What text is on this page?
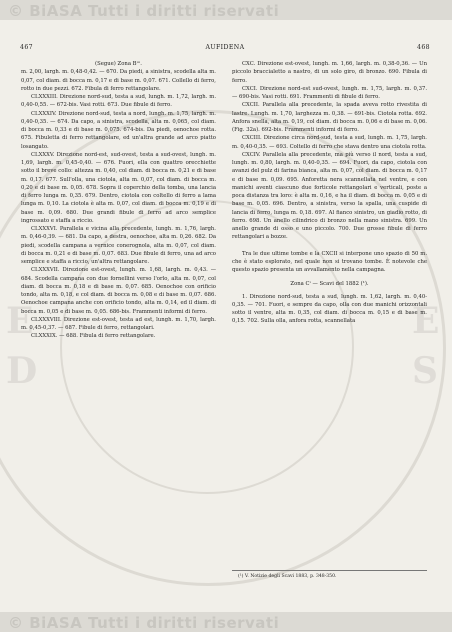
© BiASA Tutti i diritti riservati
E
D
E
S
467	AUFIDENA	468

(Segue) Zona Bᶦᶦᶦ.

m. 2,00, largh. m. 0,48-0,42. — 670. Da piedi, a sinistra, scodella alta m. 0,07, col diam. di bocca m. 0,17 e di base m. 0,07. 671. Collello di ferro, rotto in due pezzi. 672. Fibula di ferro rettangolare.

CLXXXIII. Direzione nord-sud, testa a sud, lungh. m. 1,72, largh. m. 0,40-0,55. — 672-bis. Vasi rotti. 673. Due fibule di ferro.

CLXXXIV. Direzione nord-sud, testa a nord, lungh. m. 1,75, largh. m. 0,40-0,35. — 674. Da capo, a sinistra, scodella, alta m. 0,065, col diam. di bocca m. 0,33 e di base m. 0,075. 674-bis. Da piedi, oenochoe rotta. 675. Fibuletta di ferro rettangolare, ed un'altra grande ad arco piatto losangato.

CLXXXV. Direzione nord-est, sud-ovest, testa a sud-ovest, lungh. m. 1,69, largh. m. 0,45-0,40. — 676. Fuori, ella con quattro orecchiette sotto il breve collo: altezza m. 0,40, col diam. di bocca m. 0,21 e di base m. 0,17. 677. Sull'olla, una ciotola, alta m. 0,07, col diam. di bocca m. 0,20 e di base m. 0,05. 678. Sopra il coperchio della tomba, una lancia di ferro lunga m. 0,35. 679. Dentro, ciotola con coltello di ferro a lama lunga m. 0,10. La ciotola è alta m. 0,07, col diam. di bocca m. 0,19 e di base m. 0,09. 680. Due grandi fibule di ferro ad arco semplice ingrossato e staffa a riccio.

CLXXXVI. Parallela e vicina alla precedente, lungh. m. 1,76, largh. m. 0,46-0,39. — 681. Da capo, a destra, oenochoe, alta m. 0,26. 682. Da piedi, scodella campana a vernice conerognola, alta m. 0,07, col diam. di bocca m. 0,21 e di base m. 0,07. 683. Due fibule di ferro, una ad arco semplice e staffa a riccio, un'altra rettangolare.

CLXXXVII. Direzione est-ovest, lungh. m. 1,68, largh. m. 0,43. — 684. Scodella campana con due fornellini verso l'orlo, alta m. 0,07, col diam. di bocca m. 0,18 e di base m. 0,07. 685. Oenochoe con orificio tondo, alta m. 0,18, e col diam. di bocca m. 0,08 e di base m. 0,07. 686. Oenochoe campana anche con orificio tondo, alta m. 0,14, ed il diam. di bocca m. 0,05 e di base m. 0,05. 686-bis. Frammenti informi di ferro.

CLXXXVIII. Direzione est-ovest, testa ad est, lungh. m. 1,70, largh. m. 0,45-0,37. — 687. Fibule di ferro, rettangolari.

CLXXXIX. — 688. Fibula di ferro rettangolare.

CXC. Direzione est-ovest, lungh. m. 1,66, largh. m. 0,38-0,36. — Un piccolo braccialetto a nastro, di un solo giro, di bronzo. 690. Fibula di ferro.

CXCI. Direzione nord-est sud-ovest, lungh. m. 1,75, largh. m. 0,37. — 690-bis. Vasi rotti. 691. Frammenti di fibule di ferro.

CXCII. Parallela alla precedente, la spada aveva rotto rivestita di lastre. Lungh. m. 1,70, larghezza m. 0,38. — 691-bis. Ciotola rotta. 692. Anfora snella, alta m. 0,19, col diam. di bocca m. 0,06 e di base m. 0,06. (Fig. 32a). 692-bis. Frammenti informi di ferro.

CXCIII. Direzione circa nord-sud, testa a sud, lungh. m. 1,75, largh. m. 0,40-0,35. — 693. Coltello di ferro che stava dentro una ciotola rotta.

CXCIV. Parallela alla precedente, ma più verso il nord, testa a sud, lungh. m. 0,80, largh. m. 0,40-0,35. — 694. Fuori, da capo, ciotola con avanzi del pulz di farina bianca, alta m. 0,07, col diam. di bocca m. 0,17 e di base m. 0,09. 695. Anforetta nera scannellata nel ventre, e con manichi aventi ciascuno due forticole rettangolari e verticali, poste a poca distanza tra loro: è alta m. 0,16, e ha il diam. di bocca m. 0,05 e di base m. 0,05. 696. Dentro, a sinistra, verso la spalla, una cuspide di lancia di ferro, lunga m. 0,18. 697. Al fianco sinistro, un giadio rotto, di ferro. 698. Un anello cilindrico di bronzo nella mano sinistra. 699. Un anello grande di osso e uno piccolo. 700. Due grosse fibule di ferro rettangolari a bozze.

Tra le due ultime tombe e la CXCII si interpone uno spazio di 50 m. che è stato esplorato, nel quale non si trovano tombe. È notevole che questo spazio presenta un avvallamento nella campagna.

Zona Cᶦ — Scavi del 1882 (¹).

1. Direzione nord-sud, testa a sud, lungh. m. 1,62, largh. m. 0,40-0,35. — 701. Fuori, e sempre da capo, olla con due manichi orizzontali sotto il ventre, alta m. 0,35, col diam. di bocca m. 0,15 e di base m. 0,15. 702. Sulla olla, anfora rotta, scannellata

(¹) V. Notizie degli Scavi 1883, p. 348-350.
© BiASA Tutti i diritti riservati
